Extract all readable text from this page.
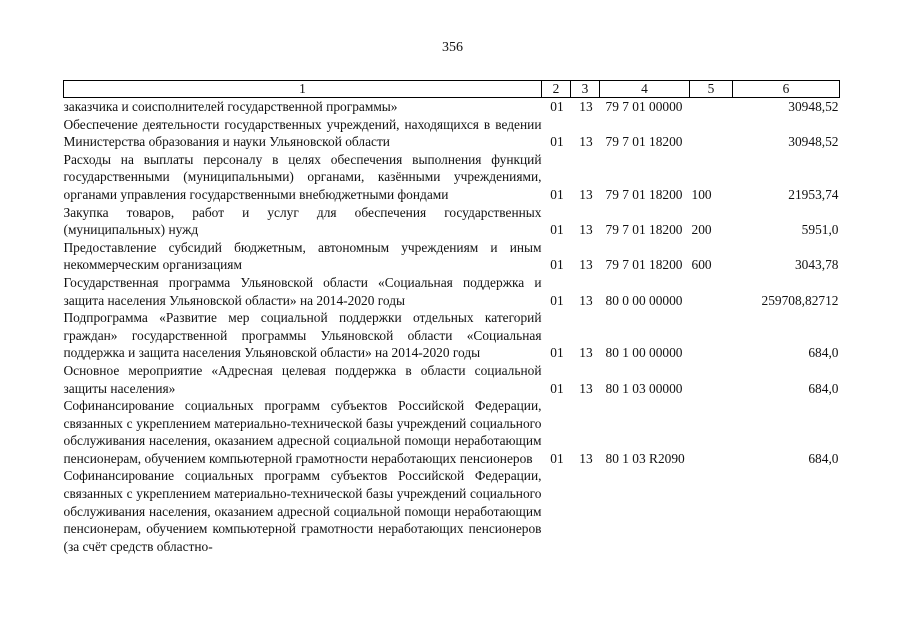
356
1	2	3	4	5	6
заказчика и соисполнителей государственной программы»	01	13	79 7 01 00000		30948,52
Обеспечение деятельности государственных учреждений, находящихся в ведении Министерства образования и науки Ульяновской области	01	13	79 7 01 18200		30948,52
Расходы на выплаты персоналу в целях обеспечения выполнения функций государственными (муниципальными) органами, казёнными учреждениями, органами управления государственными внебюджетными фондами	01	13	79 7 01 18200	100	21953,74
Закупка товаров, работ и услуг для обеспечения государственных (муниципальных) нужд	01	13	79 7 01 18200	200	5951,0
Предоставление субсидий бюджетным, автономным учреждениям и иным некоммерческим организациям	01	13	79 7 01 18200	600	3043,78
Государственная программа Ульяновской области «Социальная поддержка и защита населения Ульяновской области» на 2014-2020 годы	01	13	80 0 00 00000		259708,82712
Подпрограмма «Развитие мер социальной поддержки отдельных категорий граждан» государственной программы Ульяновской области «Социальная поддержка и защита населения Ульяновской области» на 2014-2020 годы	01	13	80 1 00 00000		684,0
Основное мероприятие «Адресная целевая поддержка в области социальной защиты населения»	01	13	80 1 03 00000		684,0
Софинансирование социальных программ субъектов Российской Федерации, связанных с укреплением материально-технической базы учреждений социального обслуживания населения, оказанием адресной социальной помощи неработающим пенсионерам, обучением компьютерной грамотности неработающих пенсионеров	01	13	80 1 03 R2090		684,0
Софинансирование социальных программ субъектов Российской Федерации, связанных с укреплением материально-технической базы учреждений социального обслуживания населения, оказанием адресной социальной помощи неработающим пенсионерам, обучением компьютерной грамотности неработающих пенсионеров (за счёт средств областно-					
